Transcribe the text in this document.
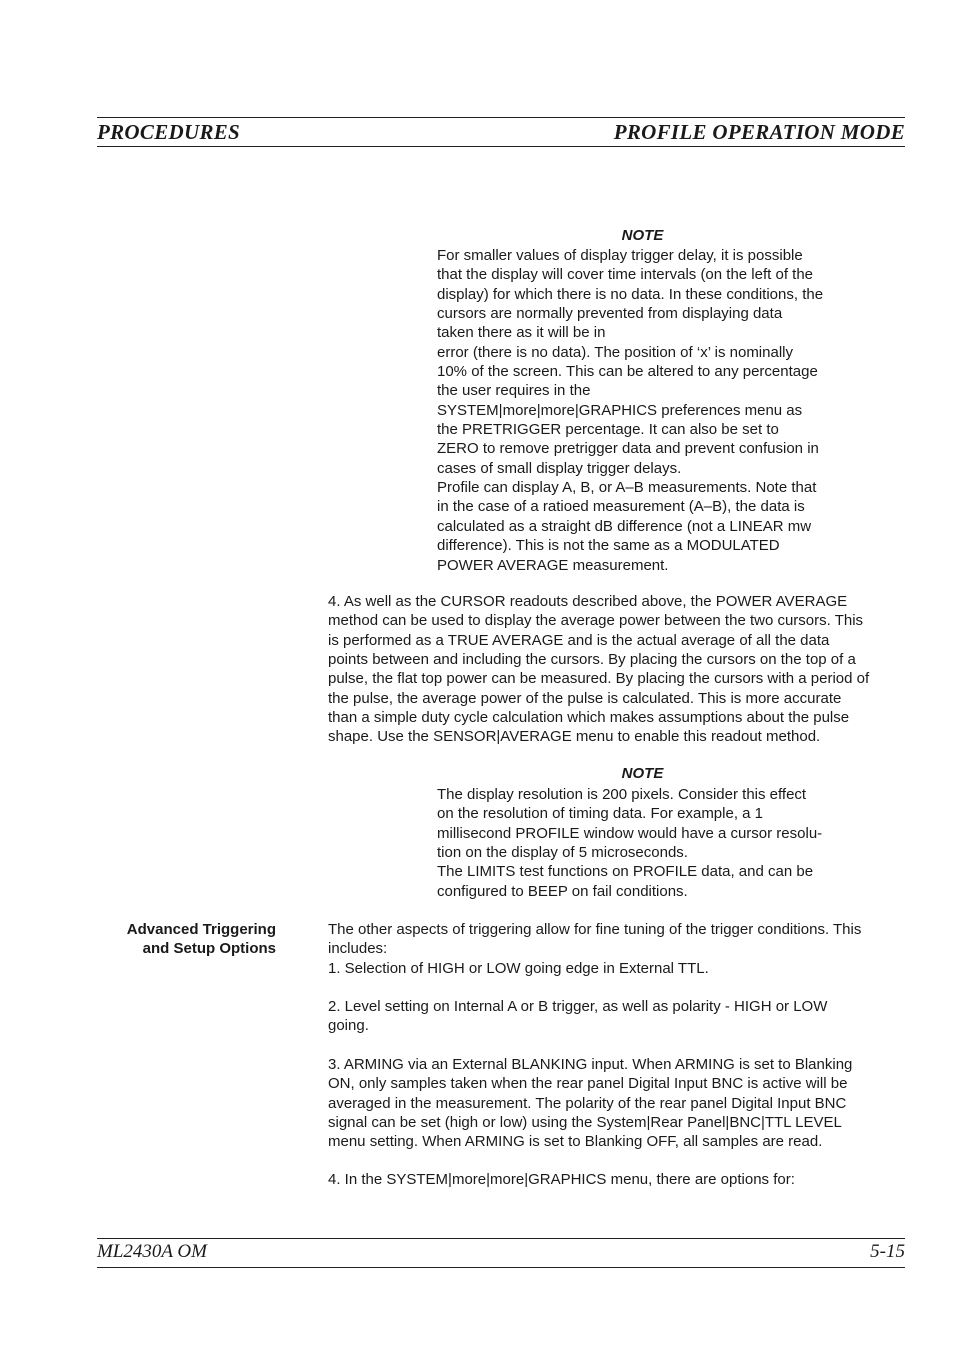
PROCEDURES	PROFILE OPERATION MODE
NOTE
For smaller values of display trigger delay, it is possible
that the display will cover time intervals (on the left of the
display) for which there is no data. In these conditions, the
cursors are normally prevented from displaying data
taken there as it will be in
error (there is no data). The position of ‘x’ is nominally
10% of the screen. This can be altered to any percentage
the user requires in the
SYSTEM|more|more|GRAPHICS preferences menu as
the PRETRIGGER percentage. It can also be set to
ZERO to remove pretrigger data and prevent confusion in
cases of small display trigger delays.
Profile can display A, B, or A–B measurements. Note that
in the case of a ratioed measurement (A–B), the data is
calculated as a straight dB difference (not a LINEAR mw
difference). This is not the same as a MODULATED
POWER AVERAGE measurement.
4. As well as the CURSOR readouts described above, the POWER AVERAGE
method can be used to display the average power between the two cursors. This
is performed as a TRUE AVERAGE and is the actual average of all the data
points between and including the cursors. By placing the cursors on the top of a
pulse, the flat top power can be measured. By placing the cursors with a period of
the pulse, the average power of the pulse is calculated. This is more accurate
than a simple duty cycle calculation which makes assumptions about the pulse
shape. Use the SENSOR|AVERAGE menu to enable this readout method.
NOTE
The display resolution is 200 pixels. Consider this effect
on the resolution of timing data. For example, a 1
millisecond PROFILE window would have a cursor resolu-
tion on the display of 5 microseconds.
The LIMITS test functions on PROFILE data, and can be
configured to BEEP on fail conditions.
Advanced Triggering
and Setup Options
The other aspects of triggering allow for fine tuning of the trigger conditions. This
includes:
1. Selection of HIGH or LOW going edge in External TTL.
2. Level setting on Internal A or B trigger, as well as polarity - HIGH or LOW
going.
3. ARMING via an External BLANKING input. When ARMING is set to Blanking
ON, only samples taken when the rear panel Digital Input BNC is active will be
averaged in the measurement. The polarity of the rear panel Digital Input BNC
signal can be set (high or low) using the System|Rear Panel|BNC|TTL LEVEL
menu setting. When ARMING is set to Blanking OFF, all samples are read.
4. In the SYSTEM|more|more|GRAPHICS menu, there are options for:
ML2430A OM	5-15
